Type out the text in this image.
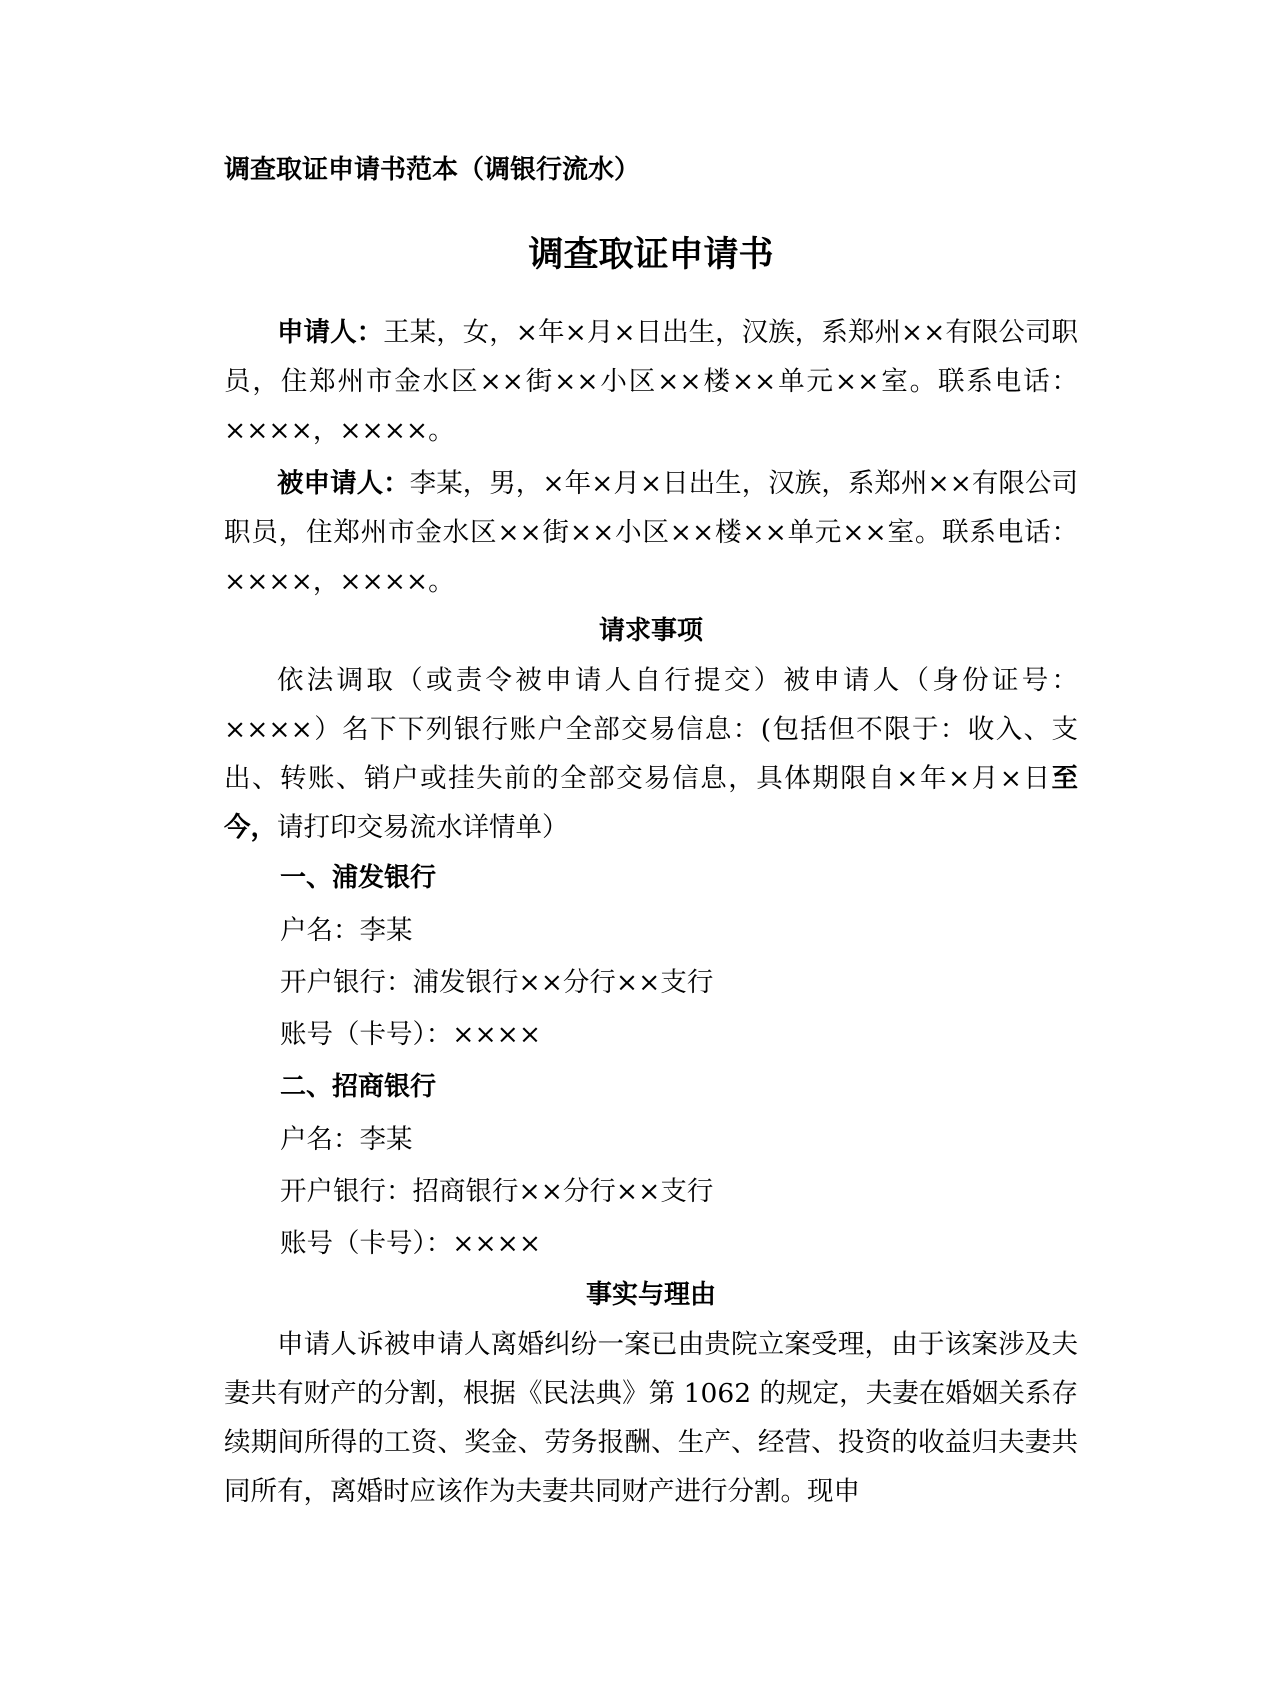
调查取证申请书范本（调银行流水）
调查取证申请书

申请人：王某，女，×年×月×日出生，汉族，系郑州××有限公司职员，住郑州市金水区××街××小区××楼××单元××室。联系电话：××××，××××。

被申请人：李某，男，×年×月×日出生，汉族，系郑州××有限公司职员，住郑州市金水区××街××小区××楼××单元××室。联系电话：××××，××××。

请求事项

依法调取（或责令被申请人自行提交）被申请人（身份证号：××××）名下下列银行账户全部交易信息：(包括但不限于：收入、支出、转账、销户或挂失前的全部交易信息，具体期限自×年×月×日至今，请打印交易流水详情单）

一、浦发银行
户名：李某
开户银行：浦发银行××分行××支行
账号（卡号）：××××
二、招商银行
户名：李某
开户银行：招商银行××分行××支行
账号（卡号）：××××
事实与理由

申请人诉被申请人离婚纠纷一案已由贵院立案受理，由于该案涉及夫妻共有财产的分割，根据《民法典》第 1062 的规定，夫妻在婚姻关系存续期间所得的工资、奖金、劳务报酬、生产、经营、投资的收益归夫妻共同所有，离婚时应该作为夫妻共同财产进行分割。现申
